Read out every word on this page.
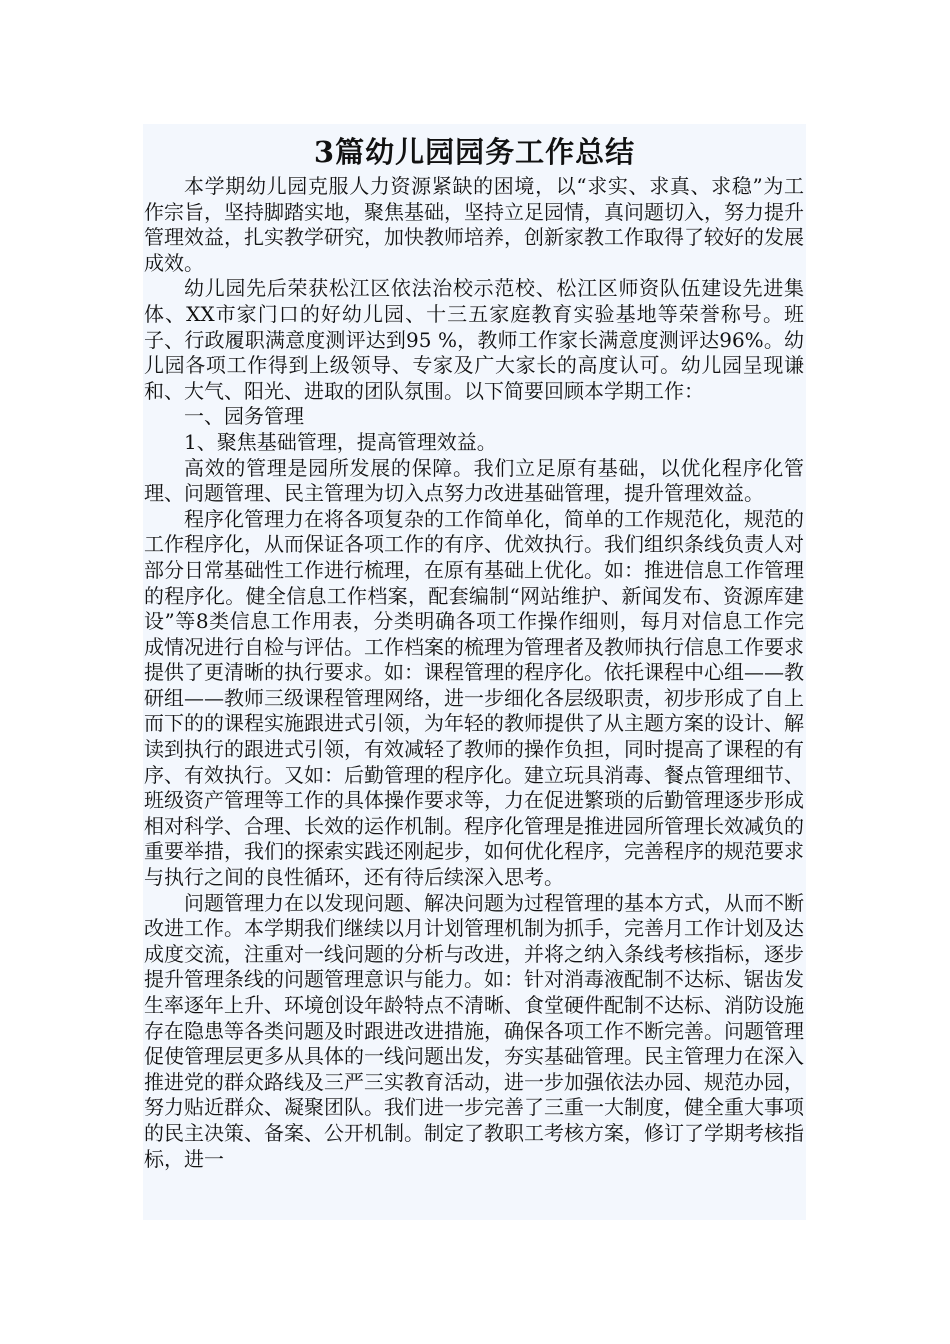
3篇幼儿园园务工作总结

本学期幼儿园克服人力资源紧缺的困境，以“求实、求真、求稳”为工作宗旨，坚持脚踏实地，聚焦基础，坚持立足园情，真问题切入，努力提升管理效益，扎实教学研究，加快教师培养，创新家教工作取得了较好的发展成效。

幼儿园先后荣获松江区依法治校示范校、松江区师资队伍建设先进集体、XX市家门口的好幼儿园、十三五家庭教育实验基地等荣誉称号。班子、行政履职满意度测评达到95 %，教师工作家长满意度测评达96%。幼儿园各项工作得到上级领导、专家及广大家长的高度认可。幼儿园呈现谦和、大气、阳光、进取的团队氛围。以下简要回顾本学期工作：

一、园务管理

1、聚焦基础管理，提高管理效益。

高效的管理是园所发展的保障。我们立足原有基础，以优化程序化管理、问题管理、民主管理为切入点努力改进基础管理，提升管理效益。

程序化管理力在将各项复杂的工作简单化，简单的工作规范化，规范的工作程序化，从而保证各项工作的有序、优效执行。我们组织条线负责人对部分日常基础性工作进行梳理，在原有基础上优化。如：推进信息工作管理的程序化。健全信息工作档案，配套编制“网站维护、新闻发布、资源库建设”等8类信息工作用表，分类明确各项工作操作细则，每月对信息工作完成情况进行自检与评估。工作档案的梳理为管理者及教师执行信息工作要求提供了更清晰的执行要求。如：课程管理的程序化。依托课程中心组——教研组——教师三级课程管理网络，进一步细化各层级职责，初步形成了自上而下的的课程实施跟进式引领，为年轻的教师提供了从主题方案的设计、解读到执行的跟进式引领，有效减轻了教师的操作负担，同时提高了课程的有序、有效执行。又如：后勤管理的程序化。建立玩具消毒、餐点管理细节、班级资产管理等工作的具体操作要求等，力在促进繁琐的后勤管理逐步形成相对科学、合理、长效的运作机制。程序化管理是推进园所管理长效减负的重要举措，我们的探索实践还刚起步，如何优化程序，完善程序的规范要求与执行之间的良性循环，还有待后续深入思考。

问题管理力在以发现问题、解决问题为过程管理的基本方式，从而不断改进工作。本学期我们继续以月计划管理机制为抓手，完善月工作计划及达成度交流，注重对一线问题的分析与改进，并将之纳入条线考核指标，逐步提升管理条线的问题管理意识与能力。如：针对消毒液配制不达标、锯齿发生率逐年上升、环境创设年龄特点不清晰、食堂硬件配制不达标、消防设施存在隐患等各类问题及时跟进改进措施，确保各项工作不断完善。问题管理促使管理层更多从具体的一线问题出发，夯实基础管理。民主管理力在深入推进党的群众路线及三严三实教育活动，进一步加强依法办园、规范办园，努力贴近群众、凝聚团队。我们进一步完善了三重一大制度，健全重大事项的民主决策、备案、公开机制。制定了教职工考核方案，修订了学期考核指标，进一
